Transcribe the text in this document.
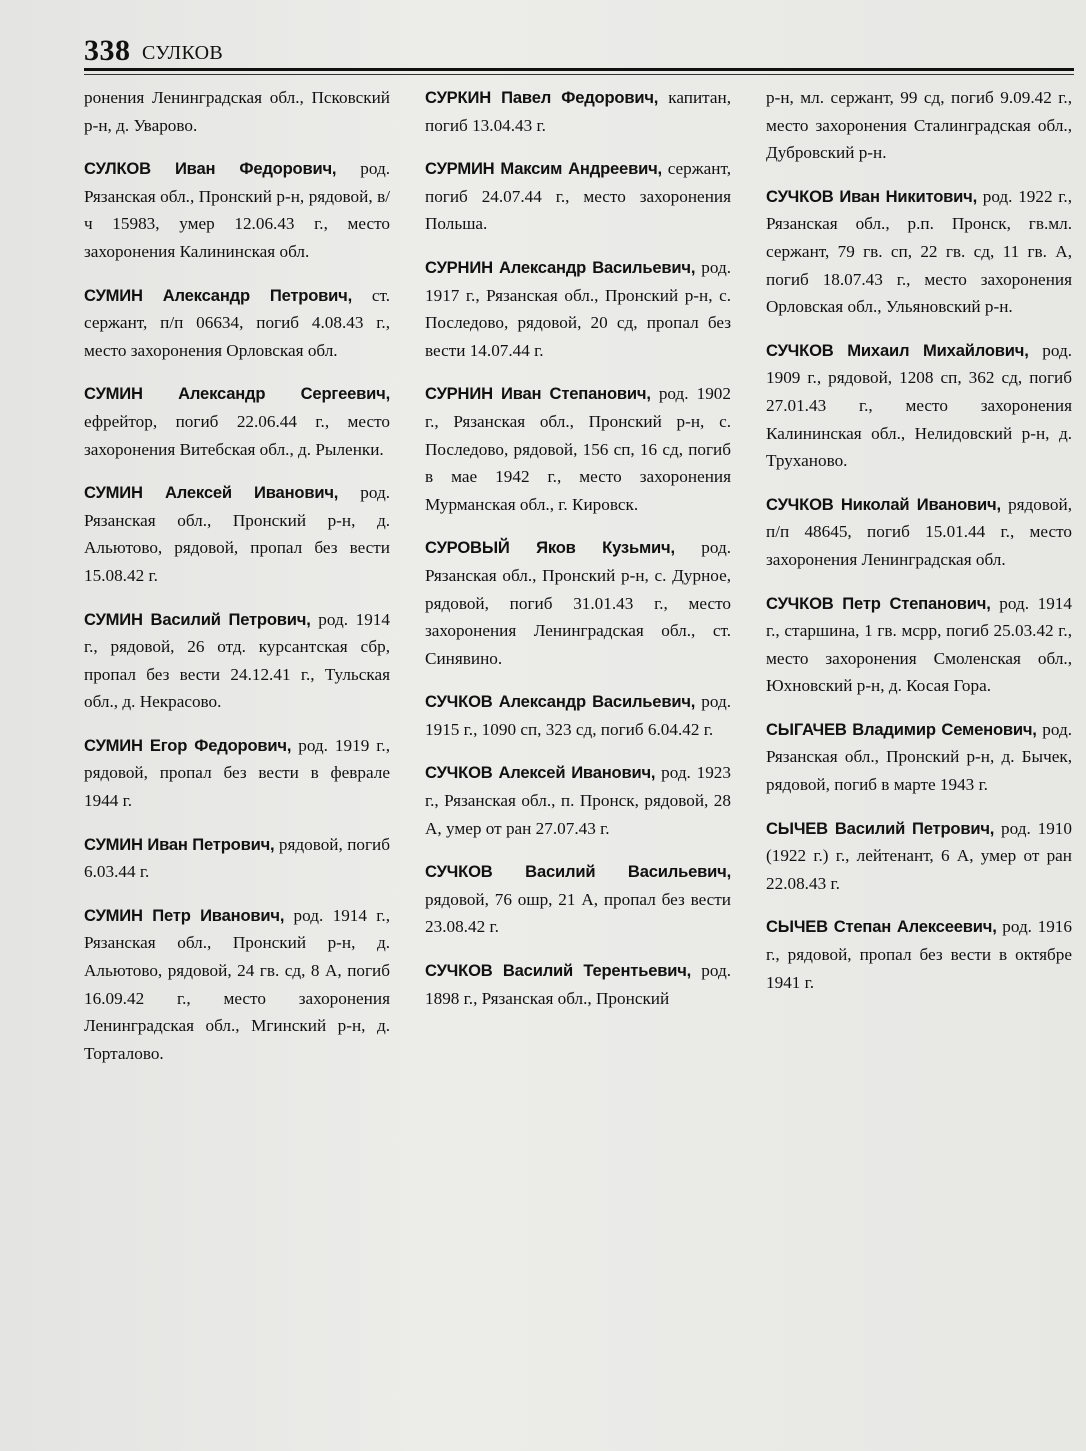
338 СУЛКОВ

ронения Ленинградская обл., Псковский р-н, д. Уварово.

СУЛКОВ Иван Федорович, род. Рязанская обл., Пронский р-н, рядовой, в/ч 15983, умер 12.06.43 г., место захоронения Калининская обл.

СУМИН Александр Петрович, ст. сержант, п/п 06634, погиб 4.08.43 г., место захоронения Орловская обл.

СУМИН Александр Сергеевич, ефрейтор, погиб 22.06.44 г., место захоронения Витебская обл., д. Рыленки.

СУМИН Алексей Иванович, род. Рязанская обл., Пронский р-н, д. Альютово, рядовой, пропал без вести 15.08.42 г.

СУМИН Василий Петрович, род. 1914 г., рядовой, 26 отд. курсантская сбр, пропал без вести 24.12.41 г., Тульская обл., д. Некрасово.

СУМИН Егор Федорович, род. 1919 г., рядовой, пропал без вести в феврале 1944 г.

СУМИН Иван Петрович, рядовой, погиб 6.03.44 г.

СУМИН Петр Иванович, род. 1914 г., Рязанская обл., Пронский р-н, д. Альютово, рядовой, 24 гв. сд, 8 А, погиб 16.09.42 г., место захоронения Ленинградская обл., Мгинский р-н, д. Торталово.

СУРКИН Павел Федорович, капитан, погиб 13.04.43 г.

СУРМИН Максим Андреевич, сержант, погиб 24.07.44 г., место захоронения Польша.

СУРНИН Александр Васильевич, род. 1917 г., Рязанская обл., Пронский р-н, с. Последово, рядовой, 20 сд, пропал без вести 14.07.44 г.

СУРНИН Иван Степанович, род. 1902 г., Рязанская обл., Пронский р-н, с. Последово, рядовой, 156 сп, 16 сд, погиб в мае 1942 г., место захоронения Мурманская обл., г. Кировск.

СУРОВЫЙ Яков Кузьмич, род. Рязанская обл., Пронский р-н, с. Дурное, рядовой, погиб 31.01.43 г., место захоронения Ленинградская обл., ст. Синявино.

СУЧКОВ Александр Васильевич, род. 1915 г., 1090 сп, 323 сд, погиб 6.04.42 г.

СУЧКОВ Алексей Иванович, род. 1923 г., Рязанская обл., п. Пронск, рядовой, 28 А, умер от ран 27.07.43 г.

СУЧКОВ Василий Васильевич, рядовой, 76 ошр, 21 А, пропал без вести 23.08.42 г.

СУЧКОВ Василий Терентьевич, род. 1898 г., Рязанская обл., Пронский

р-н, мл. сержант, 99 сд, погиб 9.09.42 г., место захоронения Сталинградская обл., Дубровский р-н.

СУЧКОВ Иван Никитович, род. 1922 г., Рязанская обл., р.п. Пронск, гв.мл. сержант, 79 гв. сп, 22 гв. сд, 11 гв. А, погиб 18.07.43 г., место захоронения Орловская обл., Ульяновский р-н.

СУЧКОВ Михаил Михайлович, род. 1909 г., рядовой, 1208 сп, 362 сд, погиб 27.01.43 г., место захоронения Калининская обл., Нелидовский р-н, д. Труханово.

СУЧКОВ Николай Иванович, рядовой, п/п 48645, погиб 15.01.44 г., место захоронения Ленинградская обл.

СУЧКОВ Петр Степанович, род. 1914 г., старшина, 1 гв. мсрр, погиб 25.03.42 г., место захоронения Смоленская обл., Юхновский р-н, д. Косая Гора.

СЫГАЧЕВ Владимир Семенович, род. Рязанская обл., Пронский р-н, д. Бычек, рядовой, погиб в марте 1943 г.

СЫЧЕВ Василий Петрович, род. 1910 (1922 г.) г., лейтенант, 6 А, умер от ран 22.08.43 г.

СЫЧЕВ Степан Алексеевич, род. 1916 г., рядовой, пропал без вести в октябре 1941 г.
